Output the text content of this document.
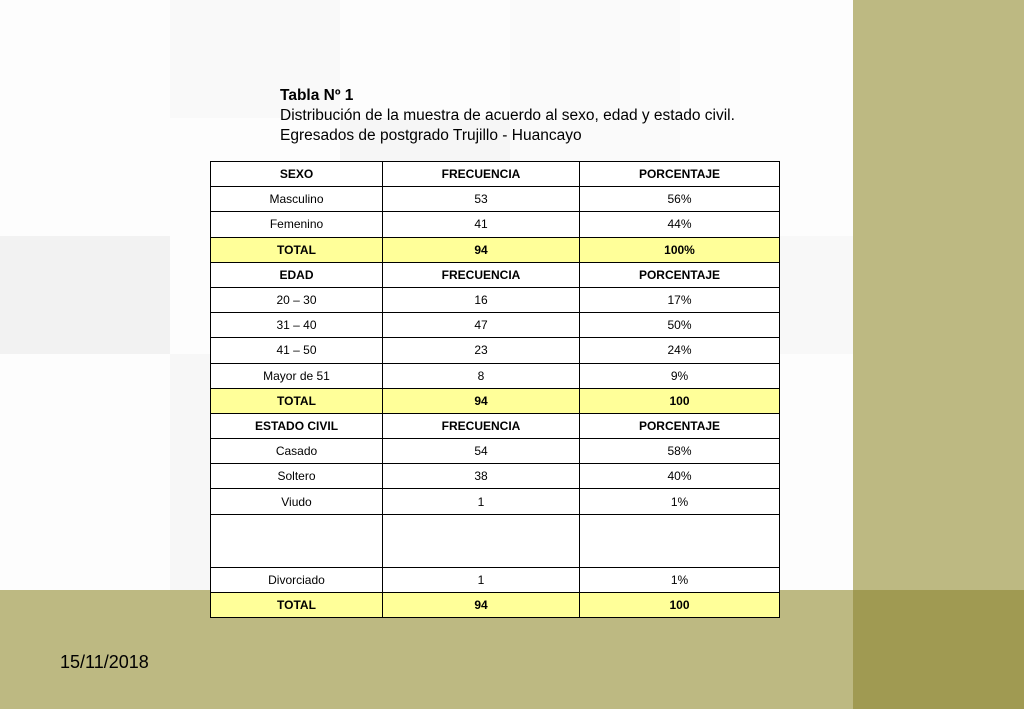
Tabla Nº 1
Distribución de la muestra de acuerdo al sexo, edad y estado civil.
Egresados de postgrado Trujillo - Huancayo
SEXO	FRECUENCIA	PORCENTAJE
Masculino	53	56%
Femenino	41	44%
TOTAL	94	100%
EDAD	FRECUENCIA	PORCENTAJE
20 – 30	16	17%
31 – 40	47	50%
41 – 50	23	24%
Mayor de 51	8	9%
TOTAL	94	100
ESTADO CIVIL	FRECUENCIA	PORCENTAJE
Casado	54	58%
Soltero	38	40%
Viudo	1	1%

Divorciado	1	1%
TOTAL	94	100
15/11/2018
